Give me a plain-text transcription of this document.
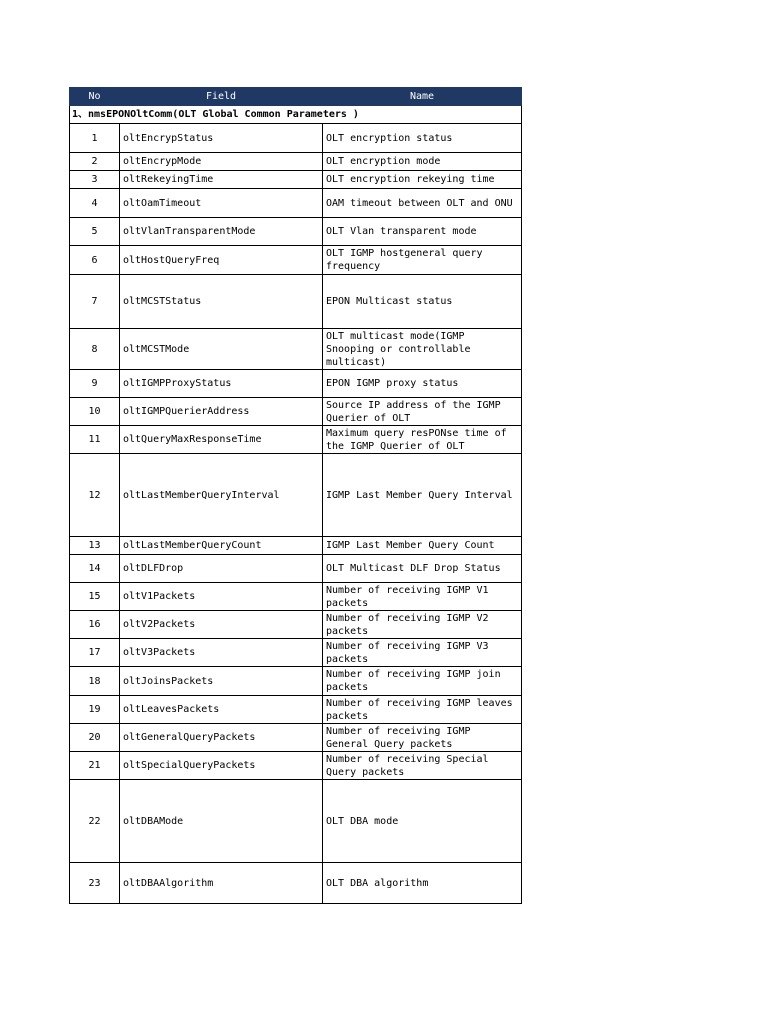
No	Field	Name
1、nmsEPONOltComm(OLT Global Common Parameters )		
1	oltEncrypStatus	OLT encryption status
2	oltEncrypMode	OLT encryption mode
3	oltRekeyingTime	OLT encryption rekeying time
4	oltOamTimeout	OAM timeout between OLT and ONU
5	oltVlanTransparentMode	OLT Vlan transparent mode
6	oltHostQueryFreq	OLT IGMP hostgeneral query frequency
7	oltMCSTStatus	EPON Multicast status
8	oltMCSTMode	OLT multicast mode(IGMP Snooping or controllable multicast)
9	oltIGMPProxyStatus	EPON IGMP proxy status
10	oltIGMPQuerierAddress	Source IP address of the IGMP Querier of OLT
11	oltQueryMaxResponseTime	Maximum query resPONse time of the IGMP Querier of OLT
12	oltLastMemberQueryInterval	IGMP Last Member Query Interval
13	oltLastMemberQueryCount	IGMP Last Member Query Count
14	oltDLFDrop	OLT Multicast DLF Drop Status
15	oltV1Packets	Number of receiving IGMP V1 packets
16	oltV2Packets	Number of receiving IGMP V2 packets
17	oltV3Packets	Number of receiving IGMP V3 packets
18	oltJoinsPackets	Number of receiving IGMP join packets
19	oltLeavesPackets	Number of receiving IGMP leaves packets
20	oltGeneralQueryPackets	Number of receiving IGMP General Query packets
21	oltSpecialQueryPackets	Number of receiving Special Query packets
22	oltDBAMode	OLT DBA mode
23	oltDBAAlgorithm	OLT DBA algorithm
